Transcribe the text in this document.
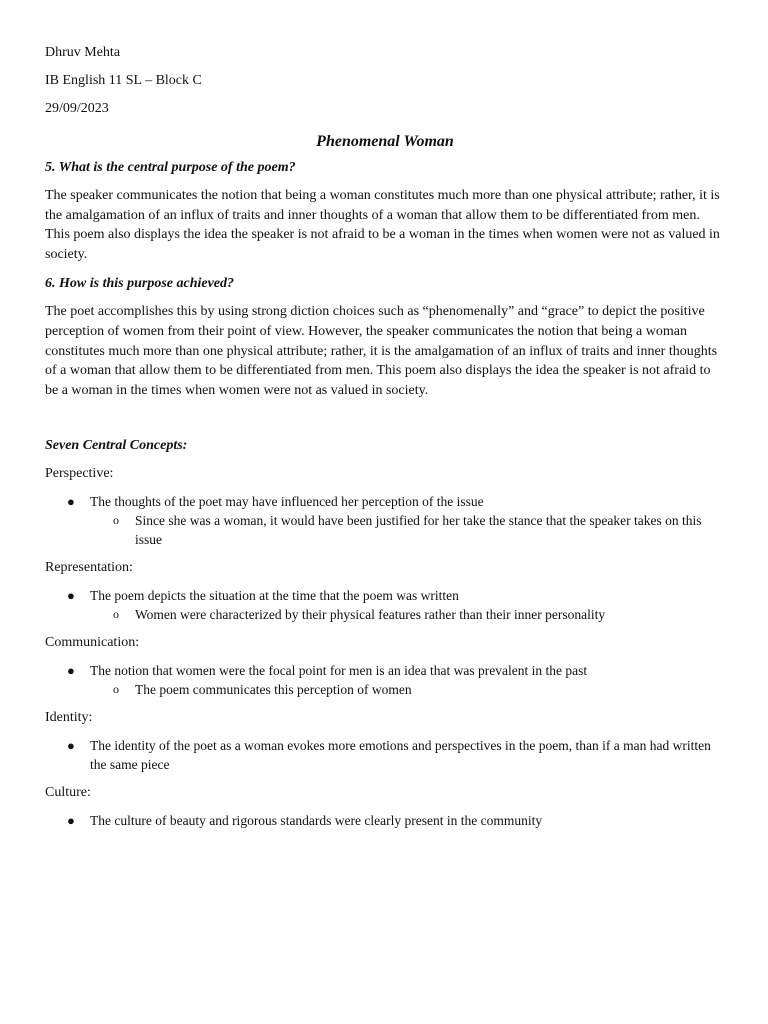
Dhruv Mehta
IB English 11 SL – Block C
29/09/2023
Phenomenal Woman
5. What is the central purpose of the poem?

The speaker communicates the notion that being a woman constitutes much more than one physical attribute; rather, it is the amalgamation of an influx of traits and inner thoughts of a woman that allow them to be differentiated from men. This poem also displays the idea the speaker is not afraid to be a woman in the times when women were not as valued in society.

6. How is this purpose achieved?

The poet accomplishes this by using strong diction choices such as “phenomenally” and “grace” to depict the positive perception of women from their point of view. However, the speaker communicates the notion that being a woman constitutes much more than one physical attribute; rather, it is the amalgamation of an influx of traits and inner thoughts of a woman that allow them to be differentiated from men. This poem also displays the idea the speaker is not afraid to be a woman in the times when women were not as valued in society.

Seven Central Concepts:
Perspective:
● The thoughts of the poet may have influenced her perception of the issue
o Since she was a woman, it would have been justified for her take the stance that the speaker takes on this issue
Representation:
● The poem depicts the situation at the time that the poem was written
o Women were characterized by their physical features rather than their inner personality
Communication:
● The notion that women were the focal point for men is an idea that was prevalent in the past
o The poem communicates this perception of women
Identity:
● The identity of the poet as a woman evokes more emotions and perspectives in the poem, than if a man had written the same piece
Culture:
● The culture of beauty and rigorous standards were clearly present in the community
